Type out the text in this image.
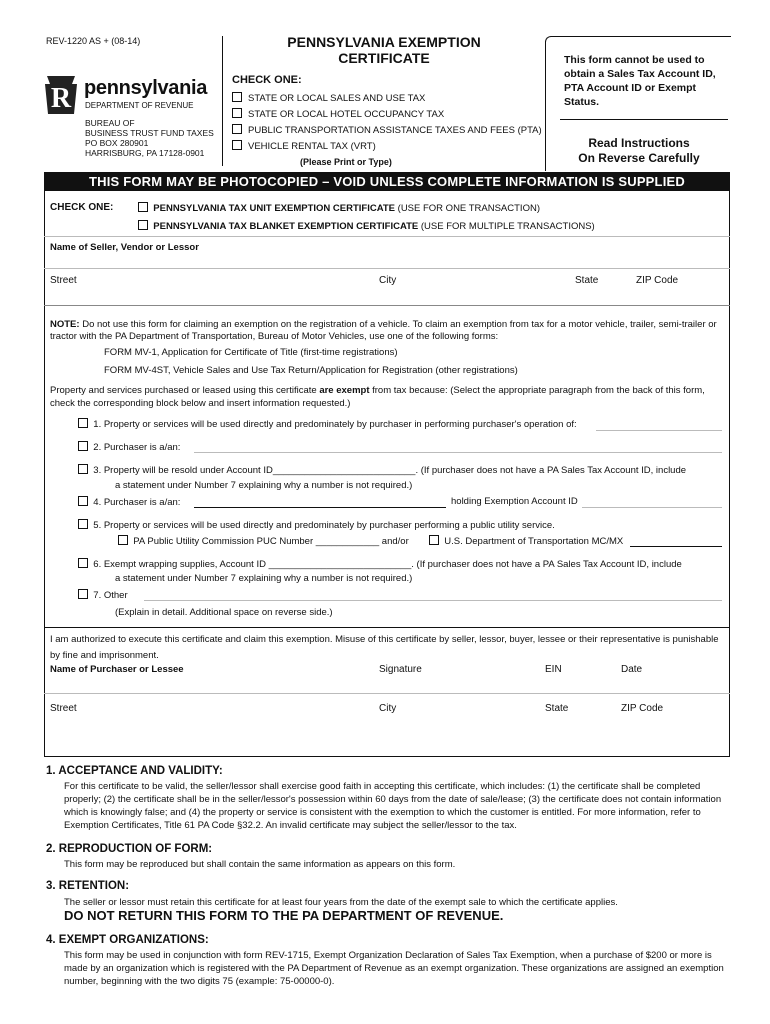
REV-1220 AS + (08-14)
R pennsylvania
DEPARTMENT OF REVENUE
BUREAU OF
BUSINESS TRUST FUND TAXES
PO BOX 280901
HARRISBURG, PA 17128-0901
PENNSYLVANIA EXEMPTION
CERTIFICATE
CHECK ONE:
STATE OR LOCAL SALES AND USE TAX
STATE OR LOCAL HOTEL OCCUPANCY TAX
PUBLIC TRANSPORTATION ASSISTANCE TAXES AND FEES (PTA)
VEHICLE RENTAL TAX (VRT)
(Please Print or Type)
This form cannot be used to obtain a Sales Tax Account ID, PTA Account ID or Exempt Status.
Read Instructions
On Reverse Carefully
THIS FORM MAY BE PHOTOCOPIED – VOID UNLESS COMPLETE INFORMATION IS SUPPLIED
CHECK ONE:	PENNSYLVANIA TAX UNIT EXEMPTION CERTIFICATE (USE FOR ONE TRANSACTION)
PENNSYLVANIA TAX BLANKET EXEMPTION CERTIFICATE (USE FOR MULTIPLE TRANSACTIONS)
Name of Seller, Vendor or Lessor
Street	City	State	ZIP Code
NOTE: Do not use this form for claiming an exemption on the registration of a vehicle. To claim an exemption from tax for a motor vehicle, trailer, semi-trailer or tractor with the PA Department of Transportation, Bureau of Motor Vehicles, use one of the following forms:
FORM MV-1, Application for Certificate of Title (first-time registrations)
FORM MV-4ST, Vehicle Sales and Use Tax Return/Application for Registration (other registrations)
Property and services purchased or leased using this certificate are exempt from tax because: (Select the appropriate paragraph from the back of this form, check the corresponding block below and insert information requested.)
1. Property or services will be used directly and predominately by purchaser in performing purchaser's operation of:
2. Purchaser is a/an:
3. Property will be resold under Account ID___________________________. (If purchaser does not have a PA Sales Tax Account ID, include
a statement under Number 7 explaining why a number is not required.)
4. Purchaser is a/an:	holding Exemption Account ID
5. Property or services will be used directly and predominately by purchaser performing a public utility service.
PA Public Utility Commission PUC Number ____________ and/or	U.S. Department of Transportation MC/MX
6. Exempt wrapping supplies, Account ID ___________________________. (If purchaser does not have a PA Sales Tax Account ID, include
a statement under Number 7 explaining why a number is not required.)
7. Other
(Explain in detail. Additional space on reverse side.)
I am authorized to execute this certificate and claim this exemption. Misuse of this certificate by seller, lessor, buyer, lessee or their representative is punishable by fine and imprisonment.
Name of Purchaser or Lessee	Signature	EIN	Date
Street	City	State	ZIP Code
1. ACCEPTANCE AND VALIDITY:
For this certificate to be valid, the seller/lessor shall exercise good faith in accepting this certificate, which includes: (1) the certificate shall be completed properly; (2) the certificate shall be in the seller/lessor's possession within 60 days from the date of sale/lease; (3) the certificate does not contain information which is knowingly false; and (4) the property or service is consistent with the exemption to which the customer is entitled. For more information, refer to Exemption Certificates, Title 61 PA Code §32.2. An invalid certificate may subject the seller/lessor to the tax.
2. REPRODUCTION OF FORM:
This form may be reproduced but shall contain the same information as appears on this form.
3. RETENTION:
The seller or lessor must retain this certificate for at least four years from the date of the exempt sale to which the certificate applies.
DO NOT RETURN THIS FORM TO THE PA DEPARTMENT OF REVENUE.
4. EXEMPT ORGANIZATIONS:
This form may be used in conjunction with form REV-1715, Exempt Organization Declaration of Sales Tax Exemption, when a purchase of $200 or more is made by an organization which is registered with the PA Department of Revenue as an exempt organization. These organizations are assigned an exemption number, beginning with the two digits 75 (example: 75-00000-0).
